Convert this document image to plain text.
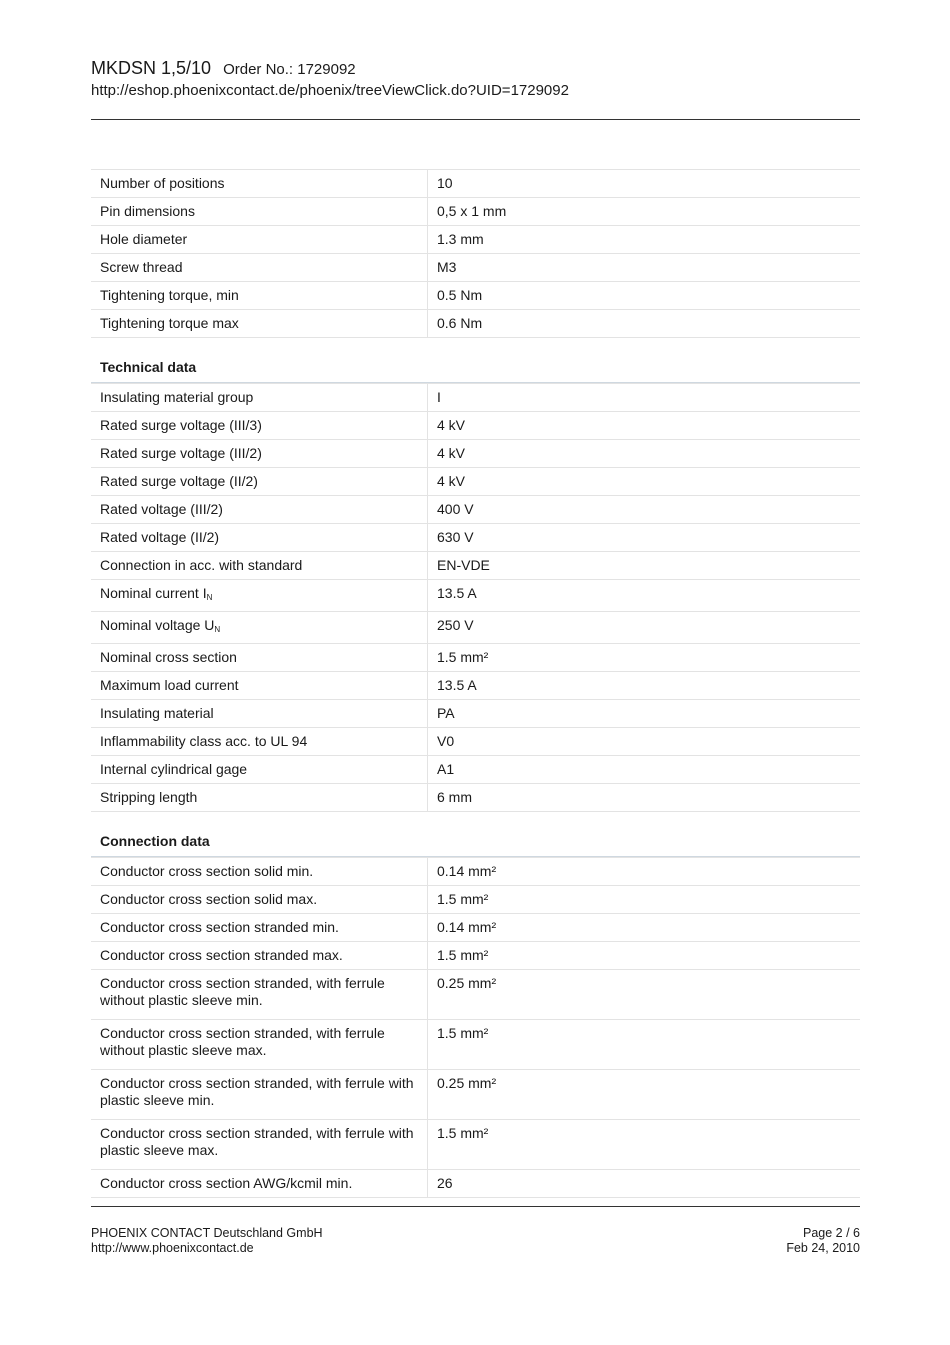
MKDSN 1,5/10 Order No.: 1729092
http://eshop.phoenixcontact.de/phoenix/treeViewClick.do?UID=1729092
Number of positions	10
Pin dimensions	0,5 x 1 mm
Hole diameter	1.3 mm
Screw thread	M3
Tightening torque, min	0.5 Nm
Tightening torque max	0.6 Nm
Technical data
Insulating material group	I
Rated surge voltage (III/3)	4 kV
Rated surge voltage (III/2)	4 kV
Rated surge voltage (II/2)	4 kV
Rated voltage (III/2)	400 V
Rated voltage (II/2)	630 V
Connection in acc. with standard	EN-VDE
Nominal current $I_N$	13.5 A
Nominal voltage $U_N$	250 V
Nominal cross section	1.5 mm²
Maximum load current	13.5 A
Insulating material	PA
Inflammability class acc. to UL 94	V0
Internal cylindrical gage	A1
Stripping length	6 mm
Connection data
Conductor cross section solid min.	0.14 mm²
Conductor cross section solid max.	1.5 mm²
Conductor cross section stranded min.	0.14 mm²
Conductor cross section stranded max.	1.5 mm²
Conductor cross section stranded, with ferrule without plastic sleeve min.	0.25 mm²
Conductor cross section stranded, with ferrule without plastic sleeve max.	1.5 mm²
Conductor cross section stranded, with ferrule with plastic sleeve min.	0.25 mm²
Conductor cross section stranded, with ferrule with plastic sleeve max.	1.5 mm²
Conductor cross section AWG/kcmil min.	26
PHOENIX CONTACT Deutschland GmbH
http://www.phoenixcontact.de
Page 2 / 6
Feb 24, 2010
